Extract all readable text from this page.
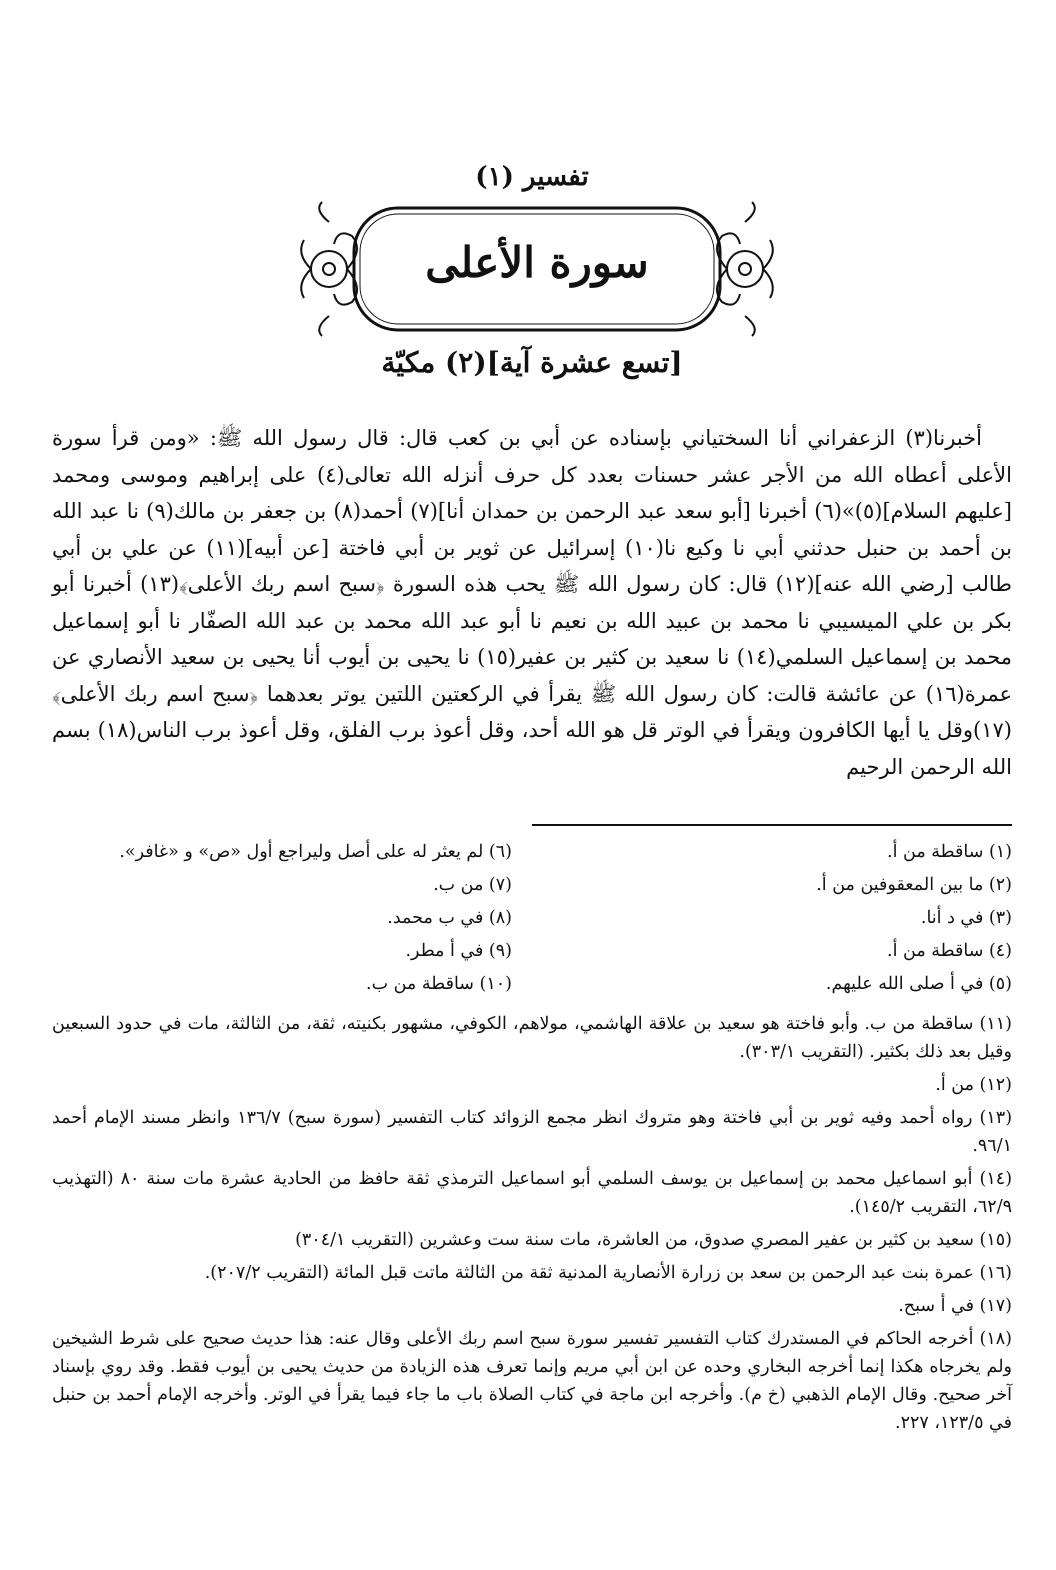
تفسير (١)
سورة الأعلى
[تسع عشرة آية](٢) مكيّة

أخبرنا(٣) الزعفراني أنا السختياني بإسناده عن أبي بن كعب قال: قال رسول الله ﷺ: «ومن قرأ سورة الأعلى أعطاه الله من الأجر عشر حسنات بعدد كل حرف أنزله الله تعالى(٤) على إبراهيم وموسى ومحمد [عليهم السلام](٥)»(٦) أخبرنا [أبو سعد عبد الرحمن بن حمدان أنا](٧) أحمد(٨) بن جعفر بن مالك(٩) نا عبد الله بن أحمد بن حنبل حدثني أبي نا وكيع نا(١٠) إسرائيل عن ثوير بن أبي فاختة [عن أبيه](١١) عن علي بن أبي طالب [رضي الله عنه](١٢) قال: كان رسول الله ﷺ يحب هذه السورة ﴿سبح اسم ربك الأعلى﴾(١٣) أخبرنا أبو بكر بن علي الميسيبي نا محمد بن عبيد الله بن نعيم نا أبو عبد الله محمد بن عبد الله الصفّار نا أبو إسماعيل محمد بن إسماعيل السلمي(١٤) نا سعيد بن كثير بن عفير(١٥) نا يحيى بن أيوب أنا يحيى بن سعيد الأنصاري عن عمرة(١٦) عن عائشة قالت: كان رسول الله ﷺ يقرأ في الركعتين اللتين يوتر بعدهما ﴿سبح اسم ربك الأعلى﴾(١٧)وقل يا أيها الكافرون ويقرأ في الوتر قل هو الله أحد، وقل أعوذ برب الفلق، وقل أعوذ برب الناس(١٨) بسم الله الرحمن الرحيم

(١) ساقطة من أ.
(٢) ما بين المعقوفين من أ.
(٣) في د أنا.
(٤) ساقطة من أ.
(٥) في أ صلى الله عليهم.
(٦) لم يعثر له على أصل وليراجع أول «ص» و «غافر».
(٧) من ب.
(٨) في ب محمد.
(٩) في أ مطر.
(١٠) ساقطة من ب.

(١١) ساقطة من ب. وأبو فاختة هو سعيد بن علاقة الهاشمي، مولاهم، الكوفي، مشهور بكنيته، ثقة، من الثالثة، مات في حدود السبعين وقيل بعد ذلك بكثير. (التقريب ٣٠٣/١).

(١٢) من أ.

(١٣) رواه أحمد وفيه ثوير بن أبي فاختة وهو متروك انظر مجمع الزوائد كتاب التفسير (سورة سبح) ١٣٦/٧ وانظر مسند الإمام أحمد ٩٦/١.

(١٤) أبو اسماعيل محمد بن إسماعيل بن يوسف السلمي أبو اسماعيل الترمذي ثقة حافظ من الحادية عشرة مات سنة ٨٠ (التهذيب ٦٢/٩، التقريب ١٤٥/٢).

(١٥) سعيد بن كثير بن عفير المصري صدوق، من العاشرة، مات سنة ست وعشرين (التقريب ٣٠٤/١)

(١٦) عمرة بنت عبد الرحمن بن سعد بن زرارة الأنصارية المدنية ثقة من الثالثة ماتت قبل المائة (التقريب ٢٠٧/٢).

(١٧) في أ سبح.

(١٨) أخرجه الحاكم في المستدرك كتاب التفسير تفسير سورة سبح اسم ربك الأعلى وقال عنه: هذا حديث صحيح على شرط الشيخين ولم يخرجاه هكذا إنما أخرجه البخاري وحده عن ابن أبي مريم وإنما تعرف هذه الزيادة من حديث يحيى بن أيوب فقط. وقد روي بإسناد آخر صحيح. وقال الإمام الذهبي (خ م). وأخرجه ابن ماجة في كتاب الصلاة باب ما جاء فيما يقرأ في الوتر. وأخرجه الإمام أحمد بن حنبل في ١٢٣/٥، ٢٢٧.
